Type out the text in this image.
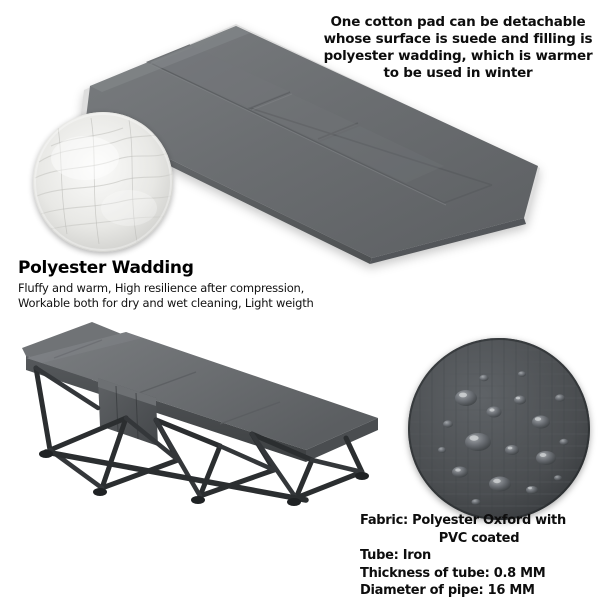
One cotton pad can be detachable whose surface is suede and filling is polyester wadding, which is warmer to be used in winter
Polyester Wadding
Fluffy and warm, High resilience after compression, Workable both for dry and wet cleaning, Light weigth
Fabric: Polyester Oxford with
PVC coated
Tube: Iron
Thickness of tube: 0.8 MM
Diameter of pipe: 16 MM
